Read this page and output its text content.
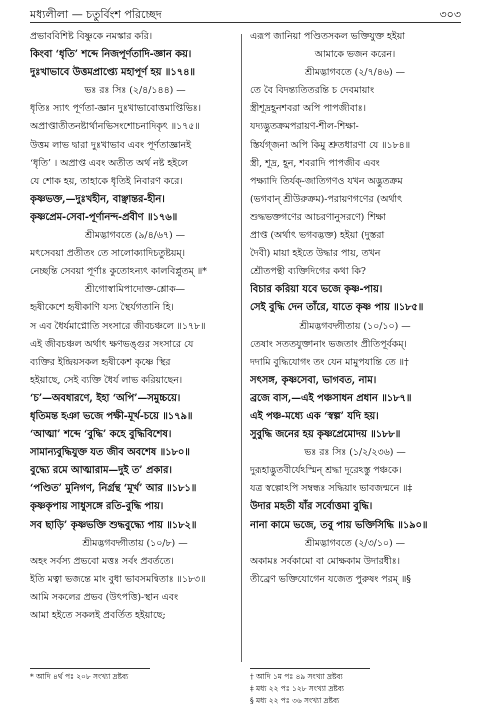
মধ্যলীলা — চতুর্বিংশ পরিচ্ছেদ	৩০৩
প্রভাববিশিষ্ট বিষ্ণুকে নমস্কার করি।
কিংবা ‘ধৃতি’ শব্দে নিজপূর্ণতাদি-জ্ঞান কয়।
দুঃখাভাবে উত্তমপ্রাপ্ত্যে মহাপূর্ণ হয় ॥১৭৪॥
ভঃ রঃ সিঃ (২/৪/১৪৪) —
ধৃতিঃ স্যাৎ পূর্ণতা-জ্ঞান দুঃখাভাবোত্তমাপ্তিভিঃ।
অপ্রাপ্তাতীতনষ্টার্থানভিসংশোচনাদিকৃৎ ॥১৭৫॥
উত্তম লাভ দ্বারা দুঃখাভাব এবং পূর্ণতাজ্ঞানই
‘ধৃতি’ । অপ্রাপ্ত এবং অতীত অর্থ নষ্ট হইলে
যে শোক হয়, তাহাকে ধৃতিই নিবারণ করে।
কৃষ্ণভক্ত,—দুঃখহীন, বাঞ্ছান্তর-হীন।
কৃষ্ণপ্রেম-সেবা-পূর্ণানন্দ-প্রবীণ ॥১৭৬॥
শ্রীমদ্ভাগবতে (৯/৪/৬৭) —
মৎসেবয়া প্রতীতং তে সালোক্যাদিচতুষ্টয়ম্।
নেচ্ছন্তি সেবয়া পূর্ণাঃ কুতোঽন্যৎ কালবিপ্লুতম্ ॥*
শ্রীগোস্বামিপাদোক্ত-শ্লোক—
হৃষীকেশে হৃষীকাণি যস্য স্থৈর্যগতানি হি।
স এব ধৈর্যমাপ্নোতি সংসারে জীবচঞ্চলে ॥১৭৮॥
এই জীবচঞ্চল অর্থাৎ ক্ষণভঙ্গুর সংসারে যে
ব্যক্তির ইন্দ্রিয়সকল হৃষীকেশ কৃষ্ণে স্থির
হইয়াছে, সেই ব্যক্তি ধৈর্য লাভ করিয়াছেন।
‘চ’—অবধারণে, ইহা ‘অপি’—সমুচ্চয়ে।
ধৃতিমন্ত হঞা ভজে পক্ষী-মূর্খ-চয়ে ॥১৭৯॥
‘আত্মা’ শব্দে ‘বুদ্ধি’ কহে বুদ্ধিবিশেষ।
সামান্যবুদ্ধিযুক্ত যত জীব অবশেষ ॥১৮০॥
বুদ্ধ্যে রমে আত্মারাম—দুই ত’ প্রকার।
‘পণ্ডিত’ মুনিগণ, নির্গ্রন্থ ‘মূর্খ’ আর ॥১৮১॥
কৃষ্ণকৃপায় সাধুসঙ্গে রতি-বুদ্ধি পায়।
সব ছাড়ি’ কৃষ্ণভক্তি শুদ্ধবুদ্ধ্যে পায় ॥১৮২॥
শ্রীমদ্ভগবদ্গীতায় (১০/৮) —
অহং সর্বস্য প্রভবো মত্তঃ সর্বং প্রবর্ততে।
ইতি মত্বা ভজন্তে মাং বুধা ভাবসমন্বিতাঃ ॥১৮৩॥
আমি সকলের প্রভব (উৎপত্তি)-স্থান এবং
আমা হইতে সকলই প্রবর্তিত হইয়াছে;
এরূপ জানিয়া পণ্ডিতসকল ভক্তিযুক্ত হইয়া
আমাকে ভজন করেন।
শ্রীমদ্ভাগবতে (২/৭/৪৬) —
তে বৈ বিদন্ত্যতিতরন্তি চ দেবমায়াং
স্ত্রীশূদ্রহূনশবরা অপি পাপজীবাঃ।
যদ্যদ্ভুতক্রমপরায়ণ-শীল-শিক্ষা-
স্তির্যগ্‌জনা অপি কিমু শ্রুতধারণা যে ॥১৮৪॥
স্ত্রী, শূদ্র, হূন, শবরাদি পাপজীব এবং
পক্ষ্যাদি তির্যক্-জাতিগণও যখন অদ্ভুতক্রম
(ভগবান্‌ শ্রীউরুক্রম)-পরায়ণগণের (অর্থাৎ
শুদ্ধভক্তগণের আচরণানুসরণে) শিক্ষা
প্রাপ্ত (অর্থাৎ ভগবদ্ভক্ত) হইয়া (দুস্তরা
দৈবী) মায়া হইতে উদ্ধার পায়, তখন
শ্রৌতপন্থী ব্যক্তিদিগের কথা কি?
বিচার করিয়া যবে ভজে কৃষ্ণ-পায়।
সেই বুদ্ধি দেন তাঁরে, যাতে কৃষ্ণ পায় ॥১৮৫॥
শ্রীমদ্ভগবদ্গীতায় (১০/১০) —
তেষাং সততযুক্তানাং ভজতাং প্রীতিপূর্বকম্।
দদামি বুদ্ধিযোগং তং যেন মামুপযান্তি তে ॥†
সৎসঙ্গ, কৃষ্ণসেবা, ভাগবত, নাম।
ব্রজে বাস,—এই পঞ্চসাধন প্রধান ॥১৮৭॥
এই পঞ্চ-মধ্যে এক ‘স্বল্প’ যদি হয়।
সুবুদ্ধি জনের হয় কৃষ্ণপ্রেমোদয় ॥১৮৮॥
ভঃ রঃ সিঃ (১/২/২৩৬) —
দুরূহাদ্ভুতবীর্যেঽস্মিন্ শ্রদ্ধা দূরেঽস্তু পঞ্চকে।
যত্র স্বল্পোঽপি সম্বন্ধঃ সদ্ধিয়াং ভাবজন্মনে ॥‡
উদার মহতী যাঁর সর্বোত্তমা বুদ্ধি।
নানা কামে ভজে, তবু পায় ভক্তিসিদ্ধি ॥১৯০॥
শ্রীমদ্ভাগবতে (২/৩/১০) —
অকামঃ সর্বকামো বা মোক্ষকাম উদারধীঃ।
তীব্রেণ ভক্তিযোগেন যজেত পুরুষং পরম্ ॥§
* আদি ৪র্থ পঃ ২০৮ সংখ্যা দ্রষ্টব্য	† আদি ১ম পঃ ৪৯ সংখ্যা দ্রষ্টব্য
‡ মধ্য ২২ পঃ ১২৮ সংখ্যা দ্রষ্টব্য
§ মধ্য ২২ পঃ ৩৬ সংখ্যা দ্রষ্টব্য
